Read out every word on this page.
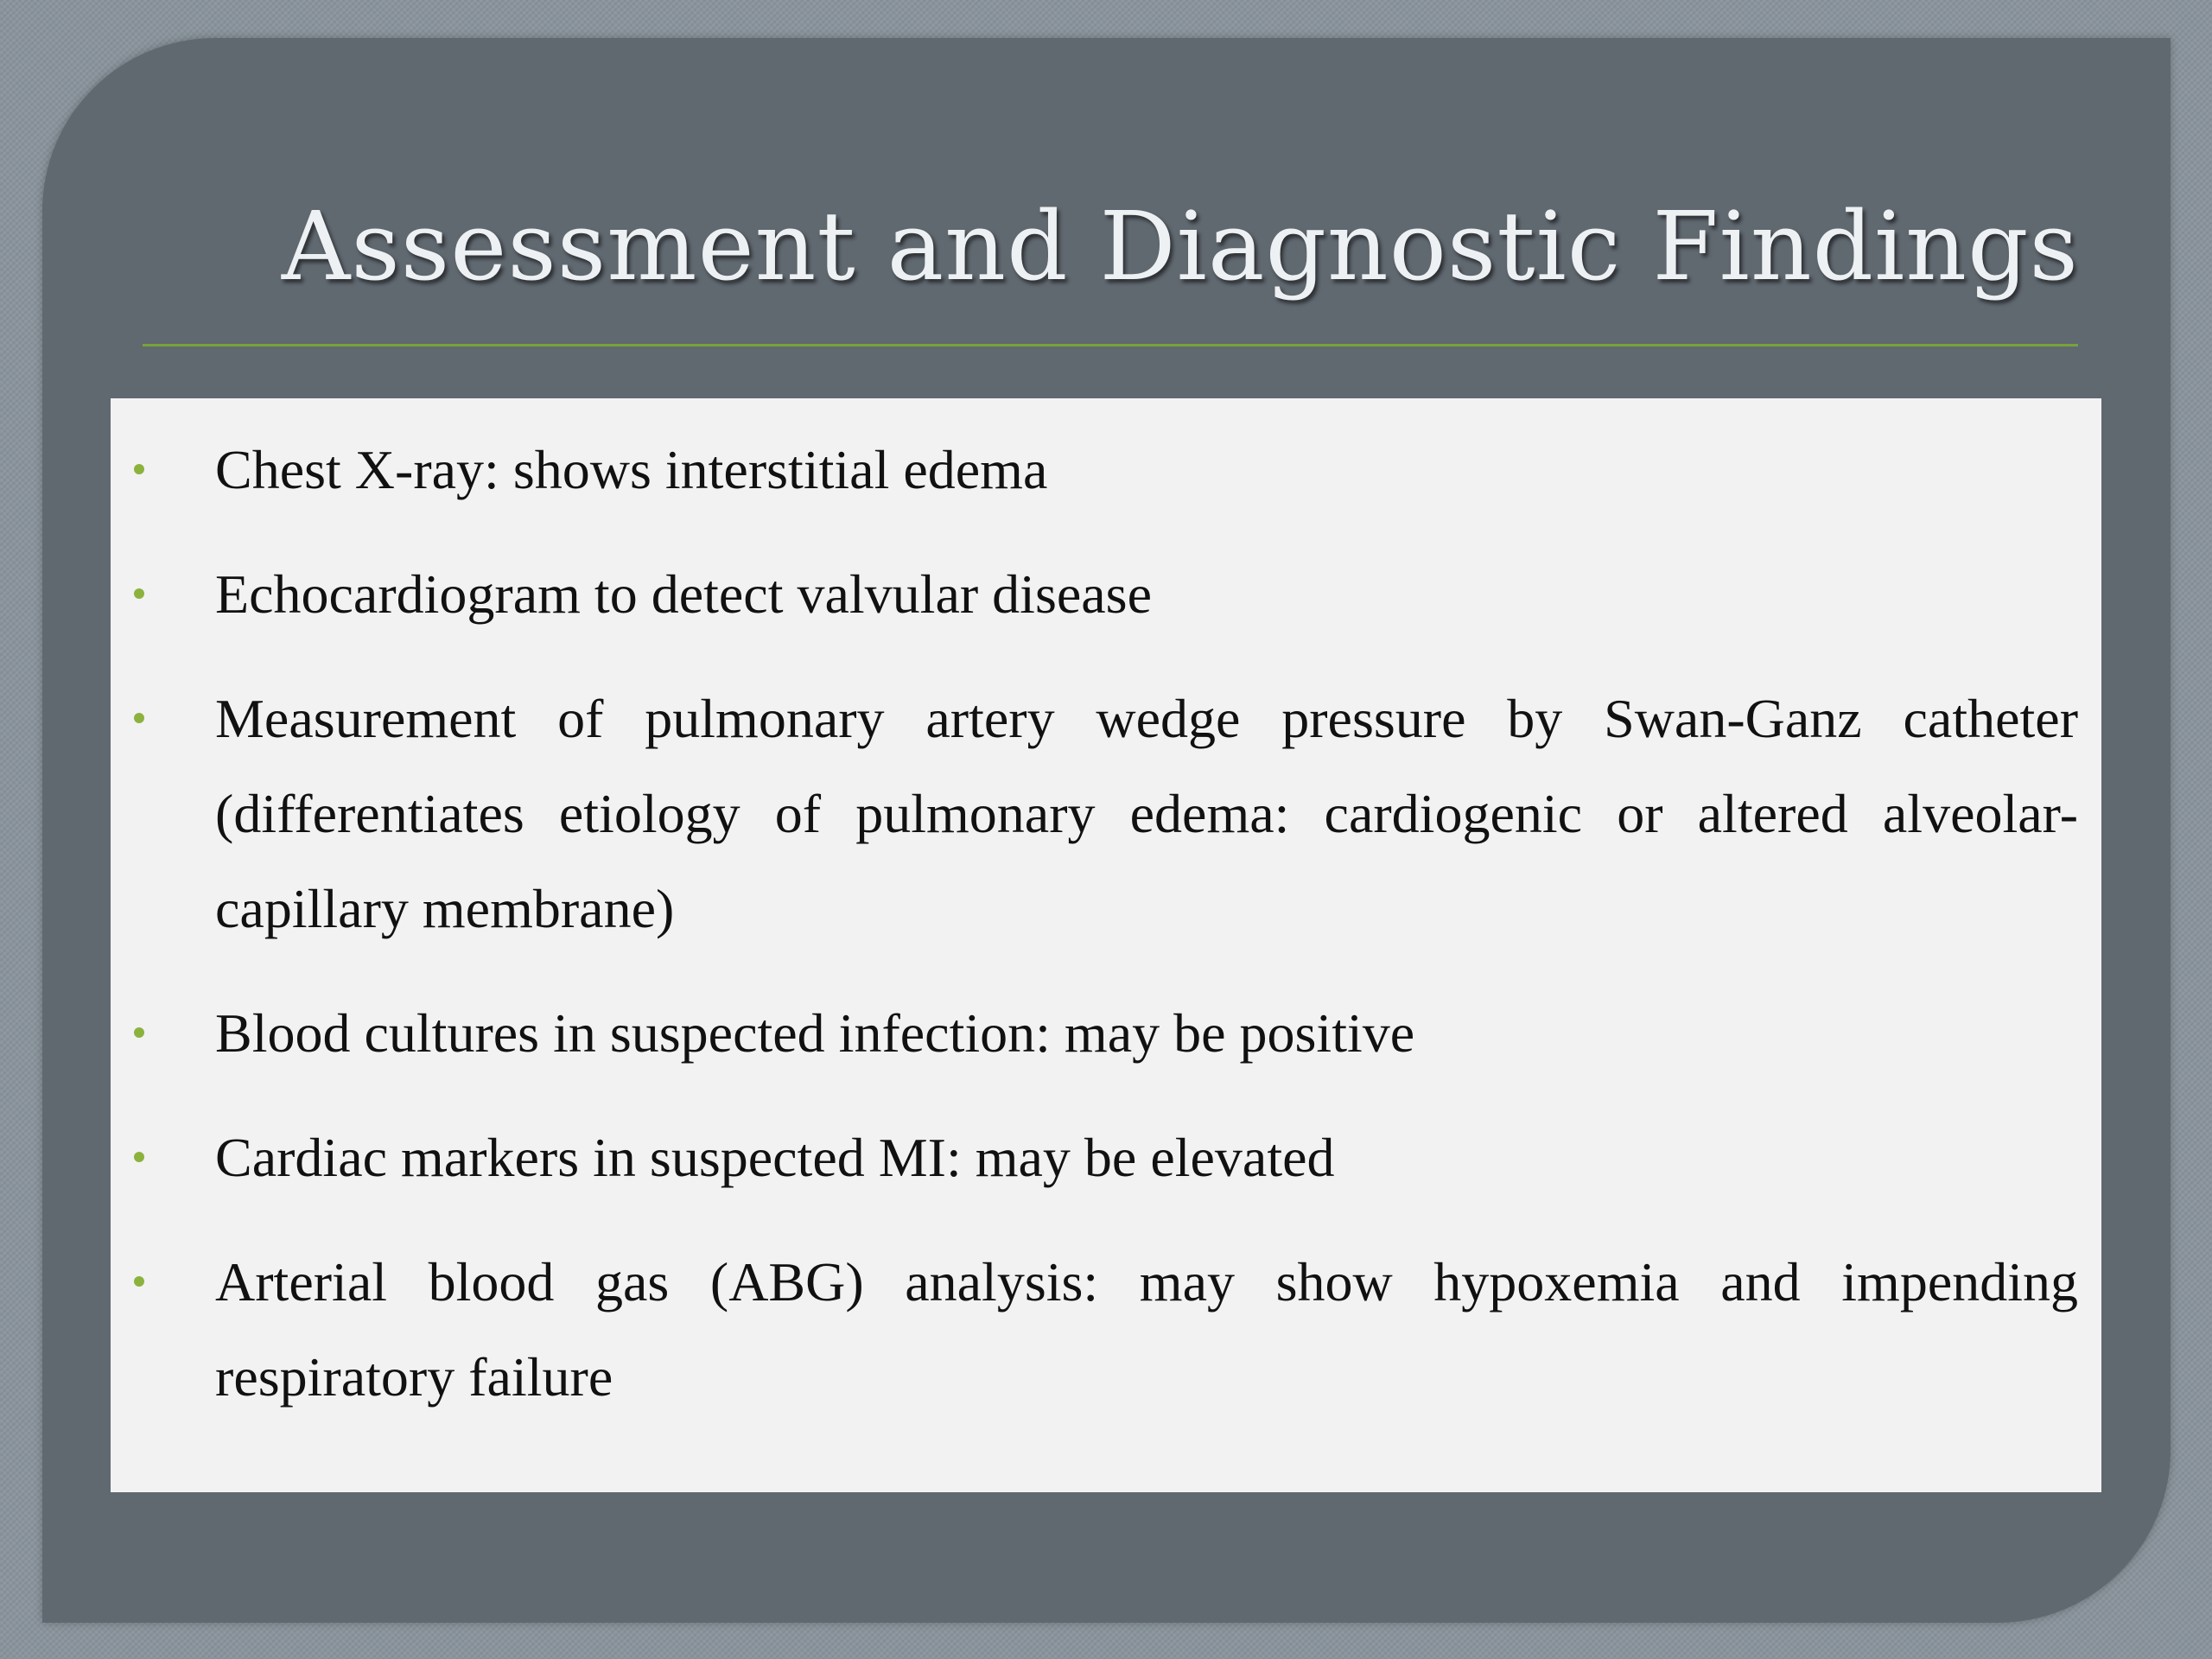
Assessment and Diagnostic Findings
Chest X-ray: shows interstitial edema
Echocardiogram to detect valvular disease
Measurement of pulmonary artery wedge pressure by Swan-Ganz catheter (differentiates etiology of pulmonary edema: cardiogenic or altered alveolar-capillary membrane)
Blood cultures in suspected infection: may be positive
Cardiac markers in suspected MI: may be elevated
Arterial blood gas (ABG) analysis: may show hypoxemia and impending respiratory failure
